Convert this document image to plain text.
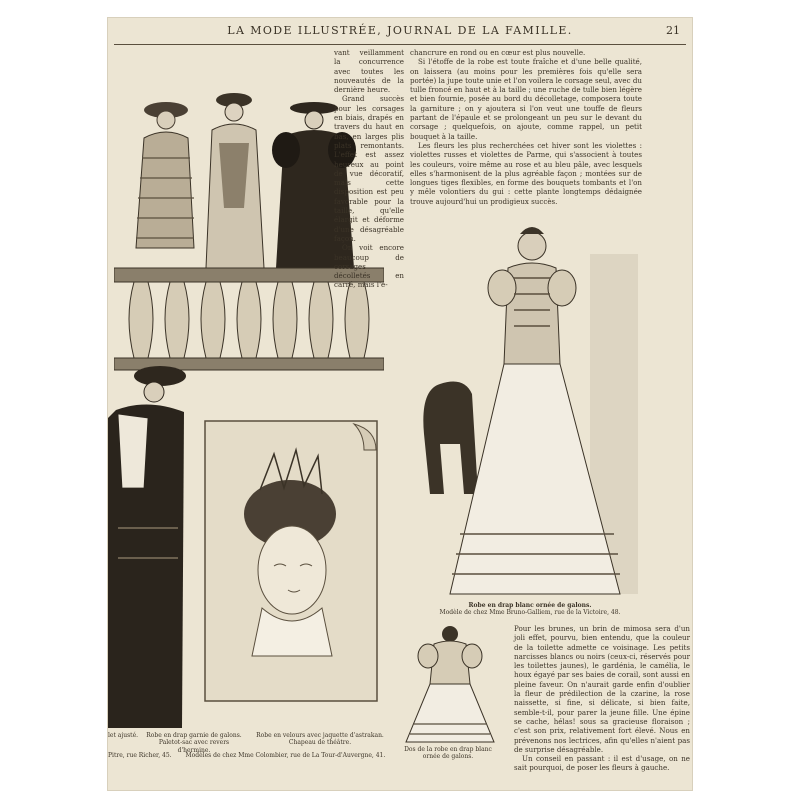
LA MODE ILLUSTRÉE, JOURNAL DE LA FAMILLE.	21

vant veillamment la concurrence avec toutes les nouveautés de la dernière heure.

Grand succès pour les corsages en biais, drapés en travers du haut en bas, en larges plis plats remontants. L'effet est assez heureux au point de vue décoratif, mais cette disposition est peu favorable pour la taille, qu'elle élargit et déforme d'une désagréable façon.

On voit encore beaucoup de corsages décolletés en carré, mais l'é-

chancrure en rond ou en cœur est plus nouvelle.

Si l'étoffe de la robe est toute fraîche et d'une belle qualité, on laissera (au moins pour les premières fois qu'elle sera portée) la jupe toute unie et l'on voilera le corsage seul, avec du tulle froncé en haut et à la taille ; une ruche de tulle bien légère et bien fournie, posée au bord du décolletage, composera toute la garniture ; on y ajoutera si l'on veut une touffe de fleurs partant de l'épaule et se prolongeant un peu sur le devant du corsage ; quelquefois, on ajoute, comme rappel, un petit bouquet à la taille.

Les fleurs les plus recherchées cet hiver sont les violettes : violettes russes et violettes de Parme, qui s'associent à toutes les couleurs, voire même au rose et au bleu pâle, avec lesquels elles s'harmonisent de la plus agréable façon ; montées sur de longues tiges flexibles, en forme des bouquets tombants et l'on y mêle volontiers du gui : cette plante longtemps dédaignée trouve aujourd'hui un prodigieux succès.

Robe en drap blanc ornée de galons.
Modèle de chez Mme Bruno-Galliem, rue de la Victoire, 48.

Pour les brunes, un brin de mimosa sera d'un joli effet, pourvu, bien entendu, que la couleur de la toilette admette ce voisinage. Les petits narcisses blancs ou noirs (ceux-ci, réservés pour les toilettes jaunes), le gardénia, le camélia, le houx égayé par ses baies de corail, sont aussi en pleine faveur. On n'aurait garde enfin d'oublier la fleur de prédilection de la czarine, la rose naissette, si fine, si délicate, si bien faite, semble-t-il, pour parer la jeune fille. Une épine se cache, hélas! sous sa gracieuse floraison ; c'est son prix, relativement fort élevé. Nous en prévenons nos lectrices, afin qu'elles n'aient pas de surprise désagréable.

Un conseil en passant : il est d'usage, on ne sait pourquoi, de poser les fleurs à gauche.

Dos de la robe en drap blanc ornée de galons.
let ajusté.	Robe en drap garnie de galons.
Paletot-sac avec revers d'hermine.
Robe en velours avec jaquette d'astrakan.
Chapeau de théâtre.
Pitre, rue Richer, 45. Modèles de chez Mme Colombier, rue de La Tour-d'Auvergne, 41.
